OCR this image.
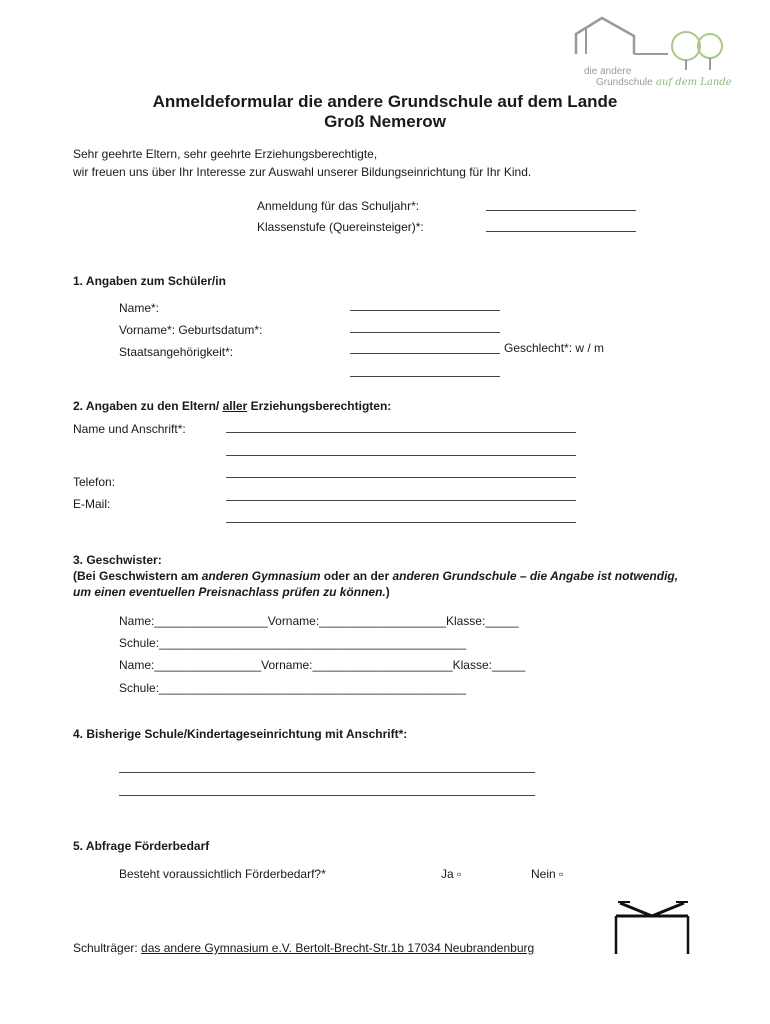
die andere
Grundschule auf dem Lande
Anmeldeformular die andere Grundschule auf dem Lande
Groß Nemerow
Sehr geehrte Eltern, sehr geehrte Erziehungsberechtigte,
wir freuen uns über Ihr Interesse zur Auswahl unserer Bildungseinrichtung für Ihr Kind.
Anmeldung für das Schuljahr*:
Klassenstufe (Quereinsteiger)*:
1. Angaben zum Schüler/in
Name*:
Vorname*: Geburtsdatum*:
Staatsangehörigkeit*:	Geschlecht*: w / m
2. Angaben zu den Eltern/ aller Erziehungsberechtigten:
Name und Anschrift*:
Telefon:
E-Mail:
3. Geschwister:
(Bei Geschwistern am anderen Gymnasium oder an der anderen Grundschule – die Angabe ist notwendig,
um einen eventuellen Preisnachlass prüfen zu können.)
Name:_________________Vorname:___________________Klasse:_____
Schule:______________________________________________
Name:________________Vorname:_____________________Klasse:_____
Schule:______________________________________________
4. Bisherige Schule/Kindertageseinrichtung mit Anschrift*:
5. Abfrage Förderbedarf
Besteht voraussichtlich Förderbedarf?*	Ja ▫	Nein ▫
Schulträger: das andere Gymnasium e.V. Bertolt-Brecht-Str.1b 17034 Neubrandenburg
